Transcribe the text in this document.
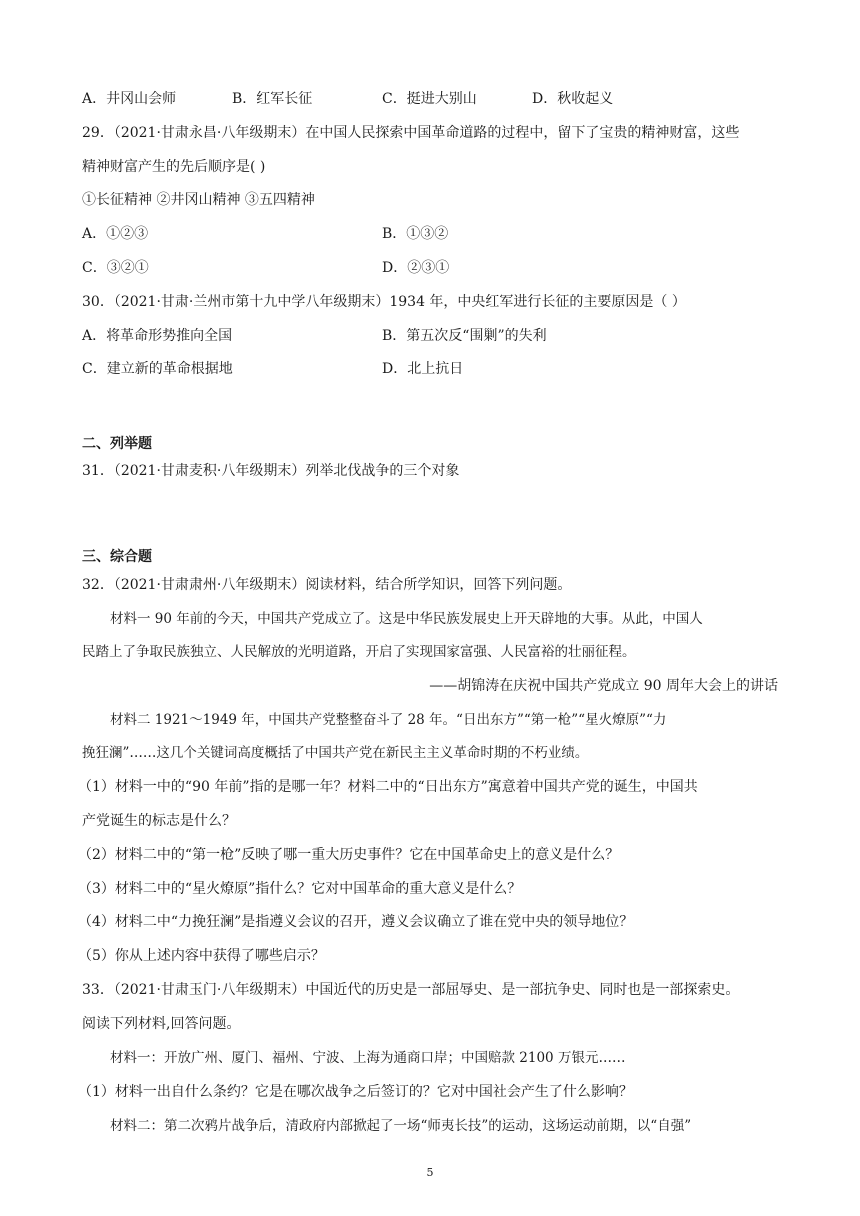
A．井冈山会师	B．红军长征	C．挺进大别山	D．秋收起义
29．（2021·甘肃永昌·八年级期末）在中国人民探索中国革命道路的过程中，留下了宝贵的精神财富，这些
精神财富产生的先后顺序是( )
①长征精神 ②井冈山精神 ③五四精神
A．①②③	B．①③②
C．③②①	D．②③①
30．（2021·甘肃·兰州市第十九中学八年级期末）1934 年，中央红军进行长征的主要原因是（ ）
A．将革命形势推向全国	B．第五次反“围剿”的失利
C．建立新的革命根据地	D．北上抗日
二、列举题
31．（2021·甘肃麦积·八年级期末）列举北伐战争的三个对象
三、综合题
32．（2021·甘肃肃州·八年级期末）阅读材料，结合所学知识，回答下列问题。
材料一 90 年前的今天，中国共产党成立了。这是中华民族发展史上开天辟地的大事。从此，中国人
民踏上了争取民族独立、人民解放的光明道路，开启了实现国家富强、人民富裕的壮丽征程。
——胡锦涛在庆祝中国共产党成立 90 周年大会上的讲话
材料二 1921～1949 年，中国共产党整整奋斗了 28 年。“日出东方”“第一枪”“星火燎原”“力
挽狂澜”……这几个关键词高度概括了中国共产党在新民主主义革命时期的不朽业绩。
（1）材料一中的“90 年前”指的是哪一年？材料二中的“日出东方”寓意着中国共产党的诞生，中国共
产党诞生的标志是什么？
（2）材料二中的“第一枪”反映了哪一重大历史事件？它在中国革命史上的意义是什么？
（3）材料二中的“星火燎原”指什么？它对中国革命的重大意义是什么？
（4）材料二中“力挽狂澜”是指遵义会议的召开，遵义会议确立了谁在党中央的领导地位？
（5）你从上述内容中获得了哪些启示？
33．（2021·甘肃玉门·八年级期末）中国近代的历史是一部屈辱史、是一部抗争史、同时也是一部探索史。
阅读下列材料,回答问题。
材料一：开放广州、厦门、福州、宁波、上海为通商口岸；中国赔款 2100 万银元……
（1）材料一出自什么条约？它是在哪次战争之后签订的？它对中国社会产生了什么影响？
材料二：第二次鸦片战争后，清政府内部掀起了一场“师夷长技”的运动，这场运动前期，以“自强”
5
